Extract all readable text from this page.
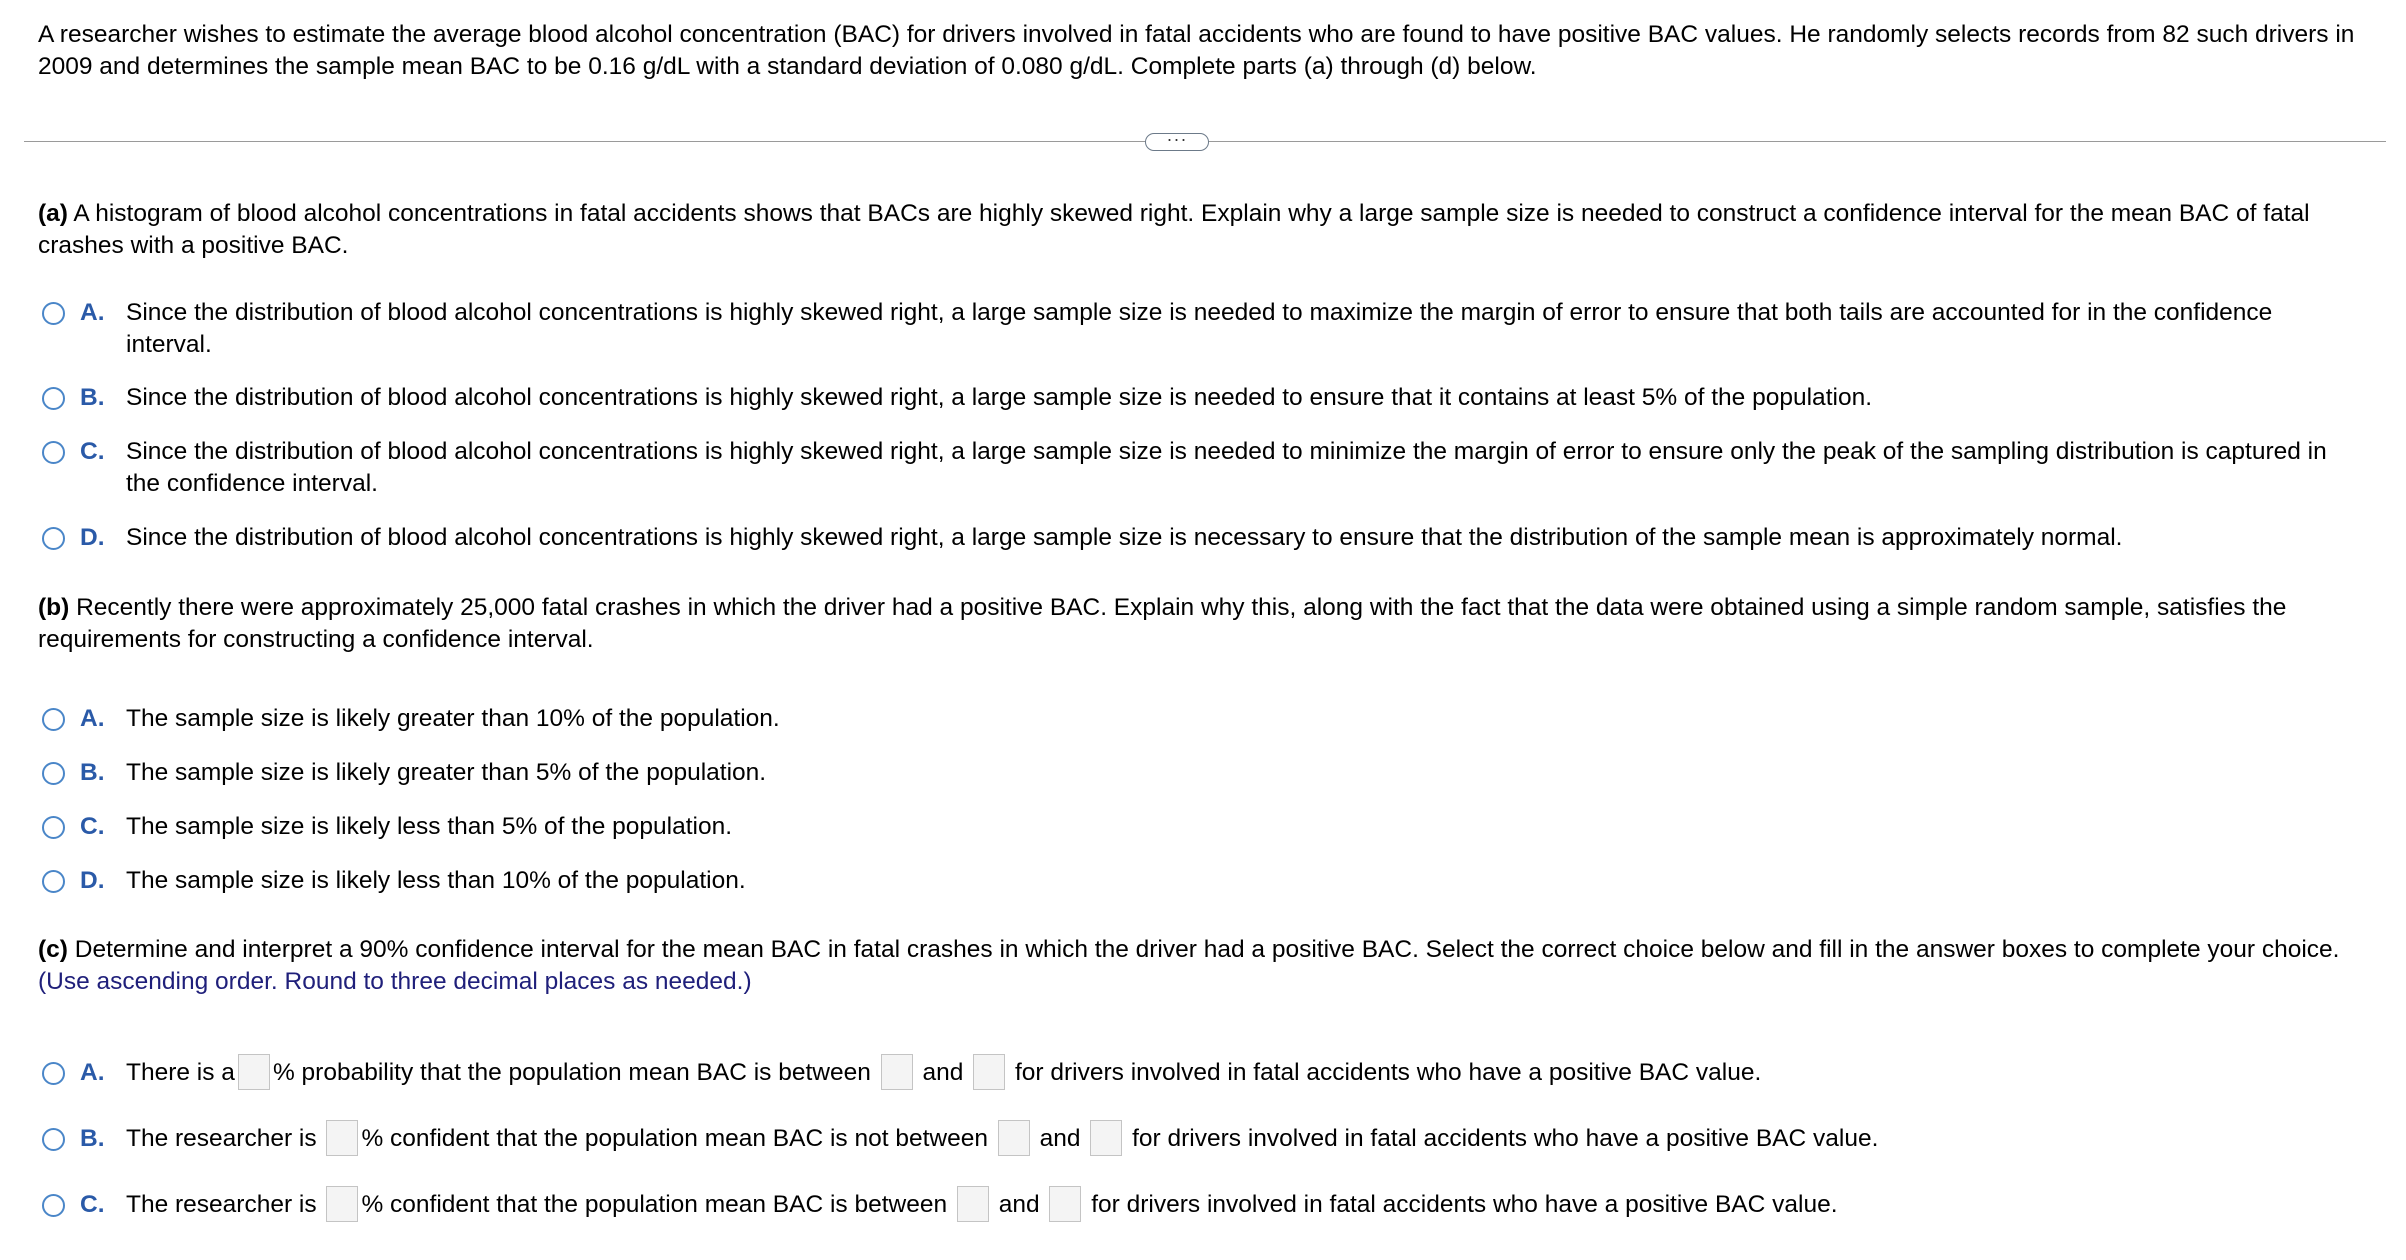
A researcher wishes to estimate the average blood alcohol concentration (BAC) for drivers involved in fatal accidents who are found to have positive BAC values. He randomly selects records from 82 such drivers in 2009 and determines the sample mean BAC to be 0.16 g/dL with a standard deviation of 0.080 g/dL. Complete parts (a) through (d) below.
···
(a) A histogram of blood alcohol concentrations in fatal accidents shows that BACs are highly skewed right. Explain why a large sample size is needed to construct a confidence interval for the mean BAC of fatal crashes with a positive BAC.
A. Since the distribution of blood alcohol concentrations is highly skewed right, a large sample size is needed to maximize the margin of error to ensure that both tails are accounted for in the confidence interval.
B. Since the distribution of blood alcohol concentrations is highly skewed right, a large sample size is needed to ensure that it contains at least 5% of the population.
C. Since the distribution of blood alcohol concentrations is highly skewed right, a large sample size is needed to minimize the margin of error to ensure only the peak of the sampling distribution is captured in the confidence interval.
D. Since the distribution of blood alcohol concentrations is highly skewed right, a large sample size is necessary to ensure that the distribution of the sample mean is approximately normal.
(b) Recently there were approximately 25,000 fatal crashes in which the driver had a positive BAC. Explain why this, along with the fact that the data were obtained using a simple random sample, satisfies the requirements for constructing a confidence interval.
A. The sample size is likely greater than 10% of the population.
B. The sample size is likely greater than 5% of the population.
C. The sample size is likely less than 5% of the population.
D. The sample size is likely less than 10% of the population.
(c) Determine and interpret a 90% confidence interval for the mean BAC in fatal crashes in which the driver had a positive BAC. Select the correct choice below and fill in the answer boxes to complete your choice.
(Use ascending order. Round to three decimal places as needed.)
A. There is a % probability that the population mean BAC is between and for drivers involved in fatal accidents who have a positive BAC value.
B. The researcher is % confident that the population mean BAC is not between and for drivers involved in fatal accidents who have a positive BAC value.
C. The researcher is % confident that the population mean BAC is between and for drivers involved in fatal accidents who have a positive BAC value.
